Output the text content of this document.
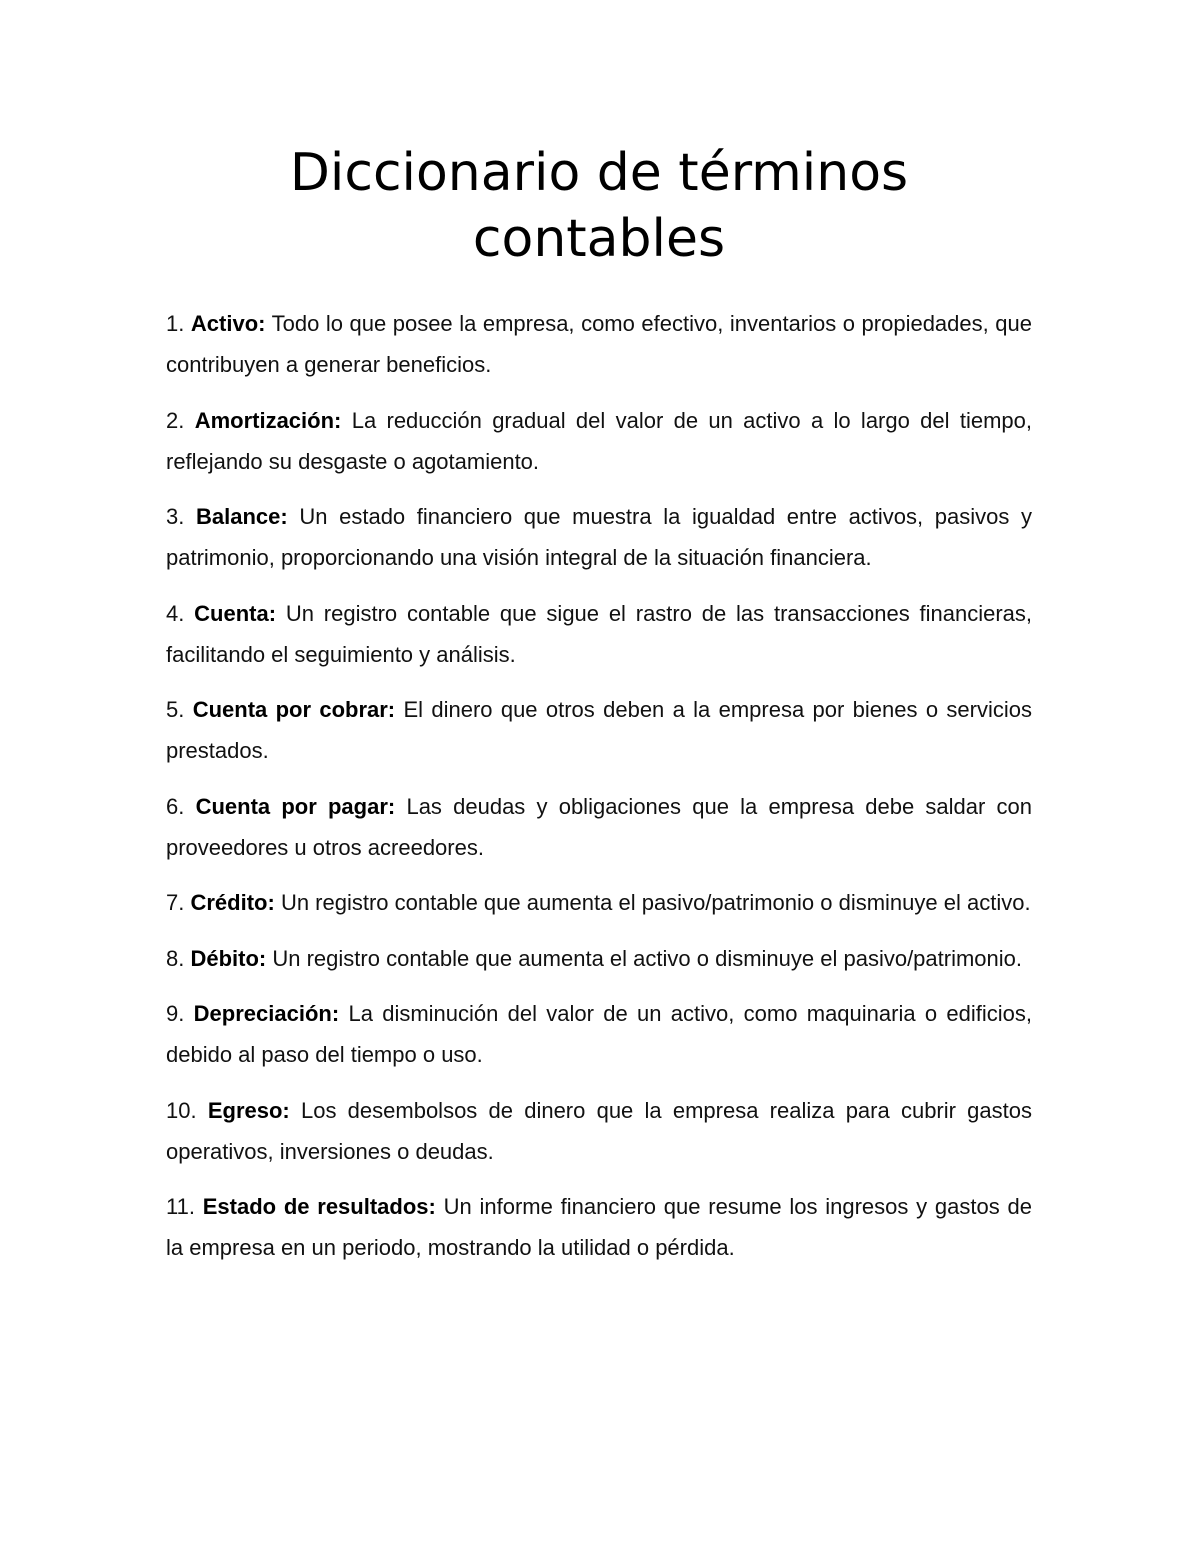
Diccionario de términos
contables
1. Activo: Todo lo que posee la empresa, como efectivo, inventarios o propiedades, que contribuyen a generar beneficios.
2. Amortización: La reducción gradual del valor de un activo a lo largo del tiempo, reflejando su desgaste o agotamiento.
3. Balance: Un estado financiero que muestra la igualdad entre activos, pasivos y patrimonio, proporcionando una visión integral de la situación financiera.
4. Cuenta: Un registro contable que sigue el rastro de las transacciones financieras, facilitando el seguimiento y análisis.
5. Cuenta por cobrar: El dinero que otros deben a la empresa por bienes o servicios prestados.
6. Cuenta por pagar: Las deudas y obligaciones que la empresa debe saldar con proveedores u otros acreedores.
7. Crédito: Un registro contable que aumenta el pasivo/patrimonio o disminuye el activo.
8. Débito: Un registro contable que aumenta el activo o disminuye el pasivo/patrimonio.
9. Depreciación: La disminución del valor de un activo, como maquinaria o edificios, debido al paso del tiempo o uso.
10. Egreso: Los desembolsos de dinero que la empresa realiza para cubrir gastos operativos, inversiones o deudas.
11. Estado de resultados: Un informe financiero que resume los ingresos y gastos de la empresa en un periodo, mostrando la utilidad o pérdida.
